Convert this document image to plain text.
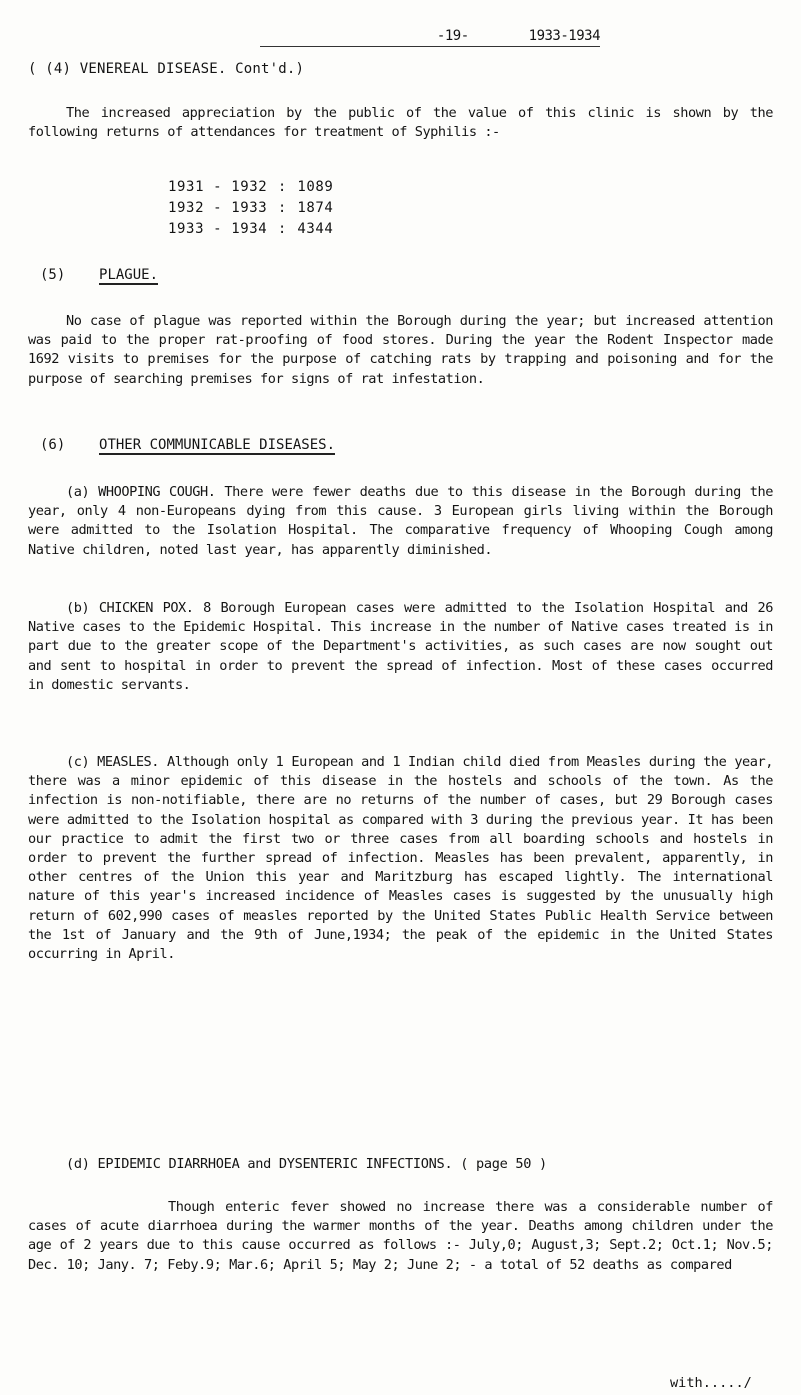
-19-	1933-1934

( (4) VENEREAL DISEASE. Cont'd.)
The increased appreciation by the public of the value of this clinic is shown by the following returns of attendances for treatment of Syphilis :-
1931 - 1932 : 1089
1932 - 1933 : 1874
1933 - 1934 : 4344
(5) PLAGUE.
No case of plague was reported within the Borough during the year; but increased attention was paid to the proper rat-proofing of food stores. During the year the Rodent Inspector made 1692 visits to premises for the purpose of catching rats by trapping and poisoning and for the purpose of searching premises for signs of rat infestation.
(6) OTHER COMMUNICABLE DISEASES.
(a) WHOOPING COUGH. There were fewer deaths due to this disease in the Borough during the year, only 4 non-Europeans dying from this cause. 3 European girls living within the Borough were admitted to the Isolation Hospital. The comparative frequency of Whooping Cough among Native children, noted last year, has apparently diminished.
(b) CHICKEN POX. 8 Borough European cases were admitted to the Isolation Hospital and 26 Native cases to the Epidemic Hospital. This increase in the number of Native cases treated is in part due to the greater scope of the Department's activities, as such cases are now sought out and sent to hospital in order to prevent the spread of infection. Most of these cases occurred in domestic servants.
(c) MEASLES. Although only 1 European and 1 Indian child died from Measles during the year, there was a minor epidemic of this disease in the hostels and schools of the town. As the infection is non-notifiable, there are no returns of the number of cases, but 29 Borough cases were admitted to the Isolation hospital as compared with 3 during the previous year. It has been our practice to admit the first two or three cases from all boarding schools and hostels in order to prevent the further spread of infection. Measles has been prevalent, apparently, in other centres of the Union this year and Maritzburg has escaped lightly. The international nature of this year's increased incidence of Measles cases is suggested by the unusually high return of 602,990 cases of measles reported by the United States Public Health Service between the 1st of January and the 9th of June,1934; the peak of the epidemic in the United States occurring in April.
(d) EPIDEMIC DIARRHOEA and DYSENTERIC INFECTIONS. ( page 50 )
Though enteric fever showed no increase there was a considerable number of cases of acute diarrhoea during the warmer months of the year. Deaths among children under the age of 2 years due to this cause occurred as follows :- July,0; August,3; Sept.2; Oct.1; Nov.5; Dec. 10; Jany. 7; Feby.9; Mar.6; April 5; May 2; June 2; - a total of 52 deaths as compared
with...../
